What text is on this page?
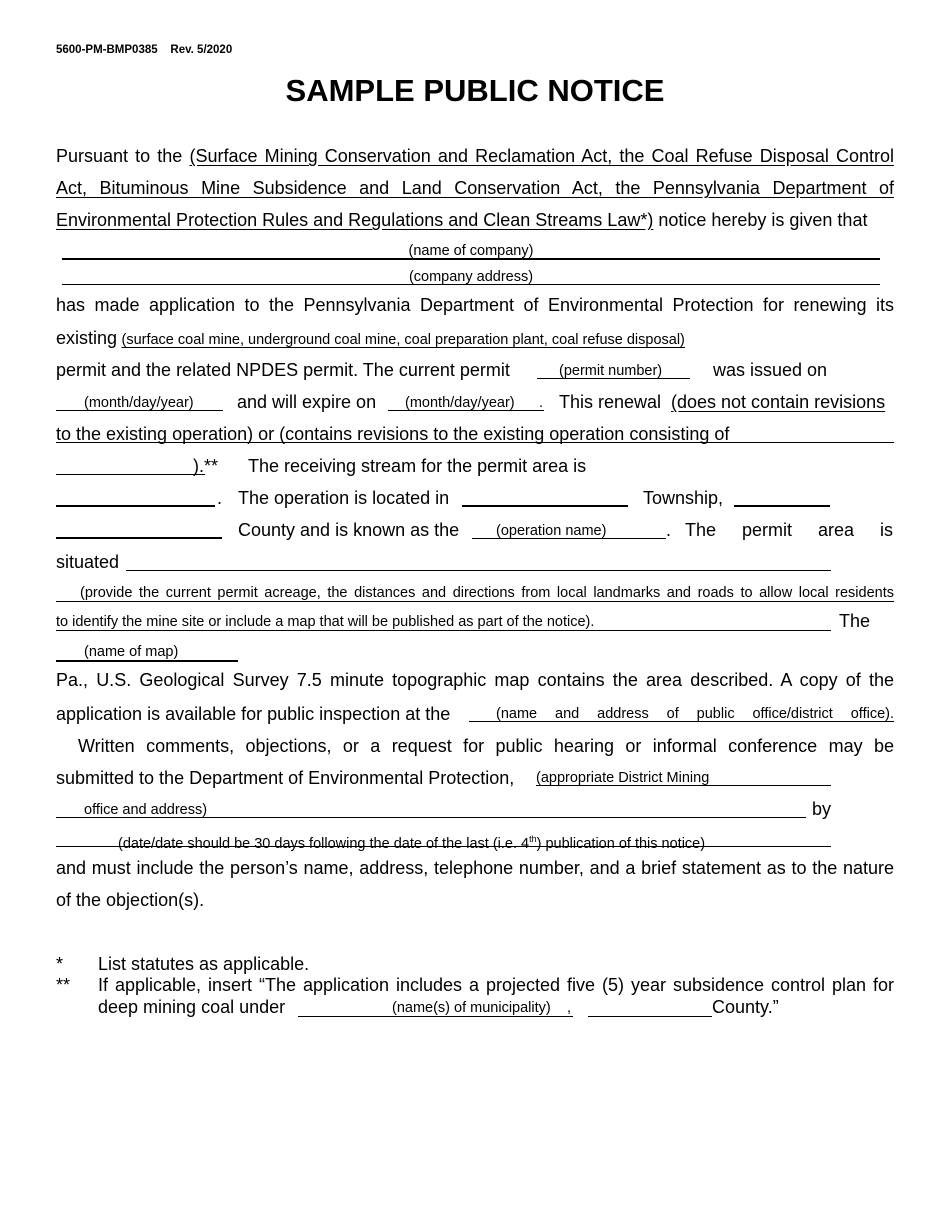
5600-PM-BMP0385 Rev. 5/2020
SAMPLE PUBLIC NOTICE
Pursuant to the (Surface Mining Conservation and Reclamation Act, the Coal Refuse Disposal Control
Act, Bituminous Mine Subsidence and Land Conservation Act, the Pennsylvania Department of
Environmental Protection Rules and Regulations and Clean Streams Law*) notice hereby is given that
(name of company)
(company address)
has made application to the Pennsylvania Department of Environmental Protection for renewing its
existing (surface coal mine, underground coal mine, coal preparation plant, coal refuse disposal)
permit and the related NPDES permit. The current permit	(permit number)	was issued on
(month/day/year) and will expire on (month/day/year) . This renewal (does not contain revisions
to the existing operation) or (contains revisions to the existing operation consisting of
). ** The receiving stream for the permit area is
. The operation is located in	Township,
County and is known as the	(operation name)	. The permit area is
situated
(provide the current permit acreage, the distances and directions from local landmarks and roads to allow local residents
to identify the mine site or include a map that will be published as part of the notice).	The
(name of map)
Pa., U.S. Geological Survey 7.5 minute topographic map contains the area described. A copy of the
application is available for public inspection at the	(name and address of public office/district office).
Written comments, objections, or a request for public hearing or informal conference may be
submitted to the Department of Environmental Protection, (appropriate District Mining
office and address)	by
(date/date should be 30 days following the date of the last (i.e. 4th) publication of this notice)
and must include the person’s name, address, telephone number, and a brief statement as to the nature
of the objection(s).
* List statutes as applicable.
** If applicable, insert “The application includes a projected five (5) year subsidence control plan for
deep mining coal under	(name(s) of municipality) ,	County.”
